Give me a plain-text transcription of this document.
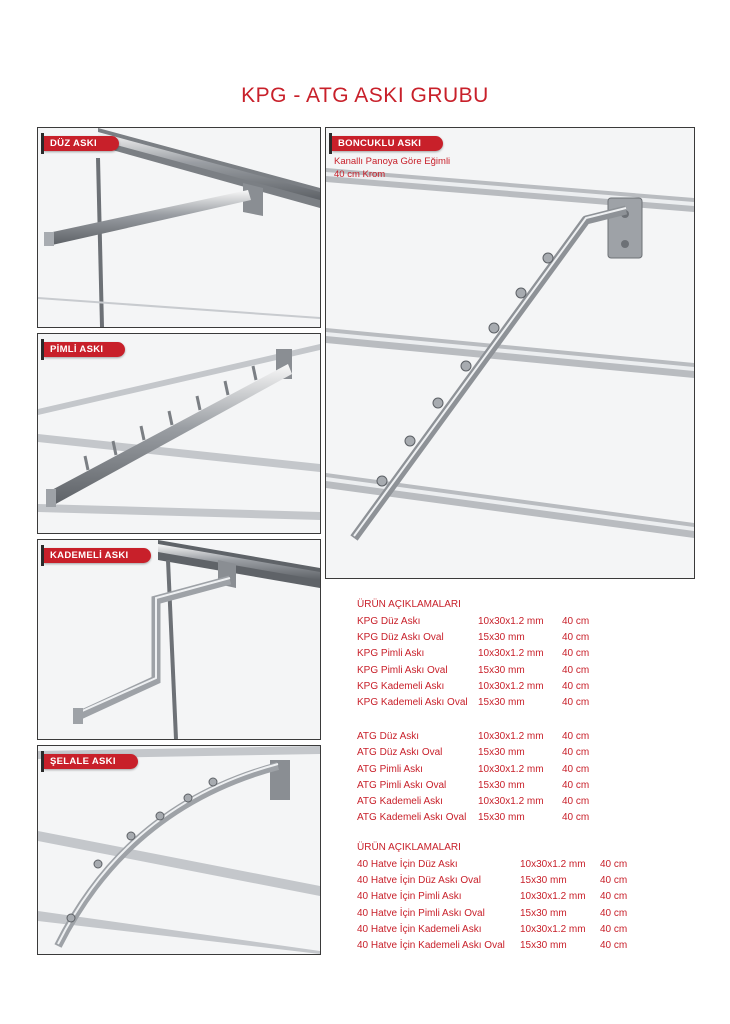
KPG - ATG ASKI GRUBU
DÜZ ASKI
PİMLİ ASKI
KADEMELİ ASKI
ŞELALE ASKI
BONCUKLU ASKI
Kanallı Panoya Göre Eğimli
40 cm Krom
ÜRÜN AÇIKLAMALARI
KPG Düz Askı	10x30x1.2 mm	40 cm
KPG Düz Askı Oval	15x30 mm	40 cm
KPG Pimli Askı	10x30x1.2 mm	40 cm
KPG Pimli Askı Oval	15x30 mm	40 cm
KPG Kademeli Askı	10x30x1.2 mm	40 cm
KPG Kademeli Askı Oval	15x30 mm	40 cm
ATG Düz Askı	10x30x1.2 mm	40 cm
ATG Düz Askı Oval	15x30 mm	40 cm
ATG Pimli Askı	10x30x1.2 mm	40 cm
ATG Pimli Askı Oval	15x30 mm	40 cm
ATG Kademeli Askı	10x30x1.2 mm	40 cm
ATG Kademeli Askı Oval	15x30 mm	40 cm
ÜRÜN AÇIKLAMALARI
40 Hatve İçin Düz Askı	10x30x1.2 mm	40 cm
40 Hatve İçin Düz Askı Oval	15x30 mm	40 cm
40 Hatve İçin Pimli Askı	10x30x1.2 mm	40 cm
40 Hatve İçin Pimli Askı Oval	15x30 mm	40 cm
40 Hatve İçin Kademeli Askı	10x30x1.2 mm	40 cm
40 Hatve İçin Kademeli Askı Oval	15x30 mm	40 cm
